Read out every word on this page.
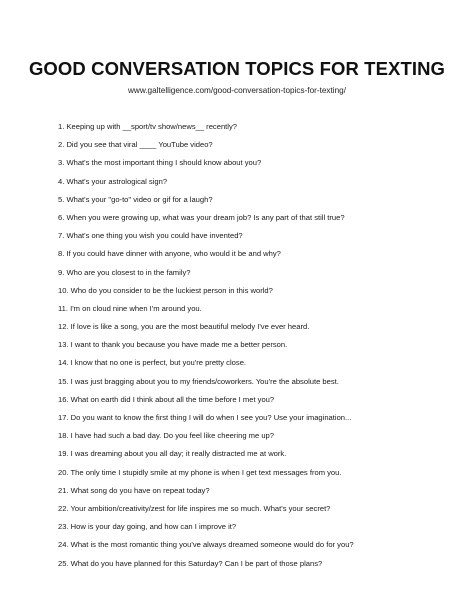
GOOD CONVERSATION TOPICS FOR TEXTING
www.galtelligence.com/good-conversation-topics-for-texting/
1. Keeping up with __sport/tv show/news__ recently?
2. Did you see that viral ____ YouTube video?
3. What's the most important thing I should know about you?
4. What's your astrological sign?
5. What's your "go-to" video or gif for a laugh?
6. When you were growing up, what was your dream job? Is any part of that still true?
7. What's one thing you wish you could have invented?
8. If you could have dinner with anyone, who would it be and why?
9. Who are you closest to in the family?
10. Who do you consider to be the luckiest person in this world?
11. I'm on cloud nine when I'm around you.
12. If love is like a song, you are the most beautiful melody I've ever heard.
13. I want to thank you because you have made me a better person.
14. I know that no one is perfect, but you're pretty close.
15. I was just bragging about you to my friends/coworkers. You're the absolute best.
16. What on earth did I think about all the time before I met you?
17. Do you want to know the first thing I will do when I see you? Use your imagination...
18. I have had such a bad day. Do you feel like cheering me up?
19. I was dreaming about you all day; it really distracted me at work.
20. The only time I stupidly smile at my phone is when I get text messages from you.
21. What song do you have on repeat today?
22. Your ambition/creativity/zest for life inspires me so much. What's your secret?
23. How is your day going, and how can I improve it?
24. What is the most romantic thing you've always dreamed someone would do for you?
25. What do you have planned for this Saturday? Can I be part of those plans?
